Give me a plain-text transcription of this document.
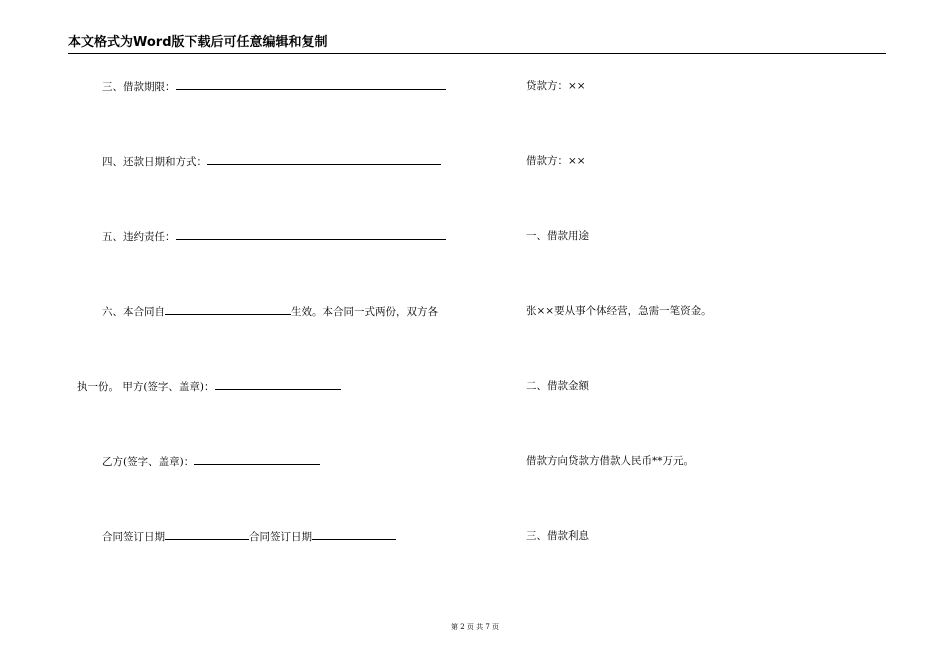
本文格式为Word版下载后可任意编辑和复制
三、借款期限：
四、还款日期和方式：
五、违约责任：
六、本合同自	生效。本合同一式两份，双方各
执一份。 甲方(签字、盖章)：
乙方(签字、盖章)：
合同签订日期	合同签订日期
贷款方：××
借款方：××
一、借款用途
张××要从事个体经营，急需一笔资金。
二、借款金额
借款方向贷款方借款人民币**万元。
三、借款利息
第 2 页 共 7 页
